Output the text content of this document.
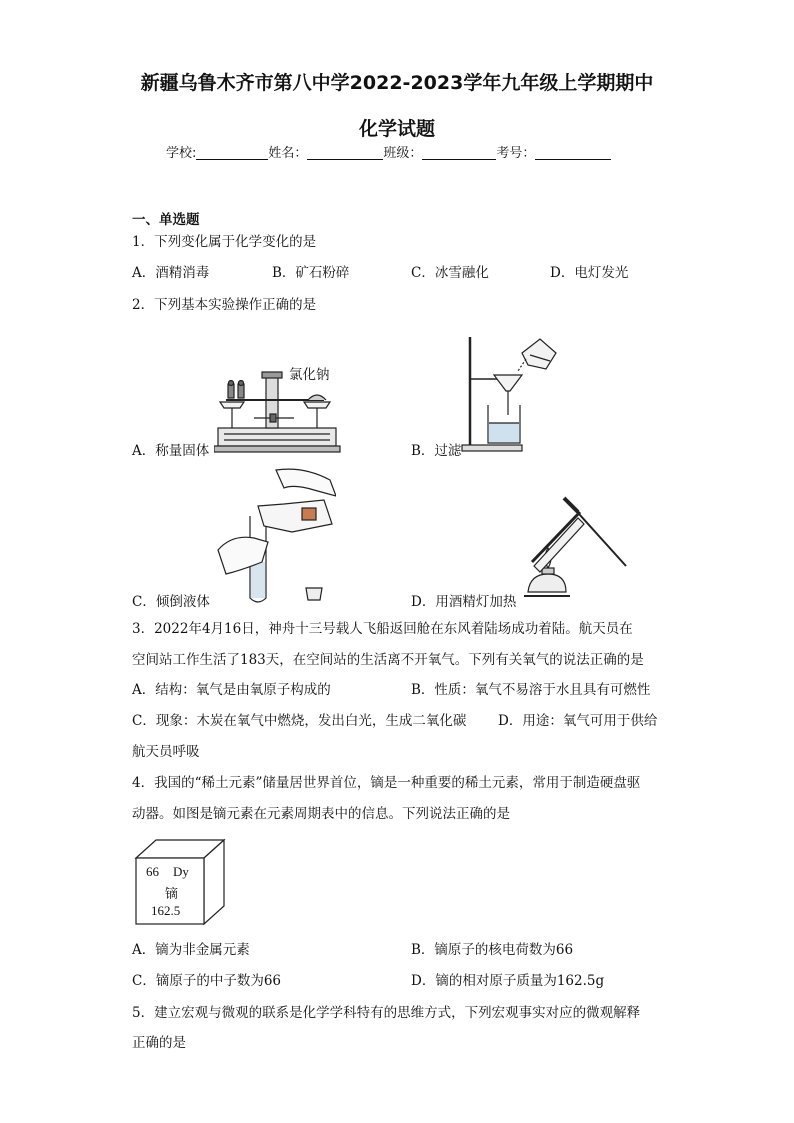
新疆乌鲁木齐市第八中学2022-2023学年九年级上学期期中
化学试题
学校:	姓名：	班级：	考号：
一、单选题
1．下列变化属于化学变化的是
A．酒精消毒	B．矿石粉碎	C．冰雪融化	D．电灯发光
2．下列基本实验操作正确的是
氯化钠
A．称量固体	B．过滤
C．倾倒液体	D．用酒精灯加热
3．2022年4月16日，神舟十三号载人飞船返回舱在东风着陆场成功着陆。航天员在
空间站工作生活了183天，在空间站的生活离不开氧气。下列有关氧气的说法正确的是
A．结构：氧气是由氧原子构成的	B．性质：氧气不易溶于水且具有可燃性
C．现象：木炭在氧气中燃烧，发出白光，生成二氧化碳 D．用途：氧气可用于供给
航天员呼吸
4．我国的“稀土元素”储量居世界首位，镝是一种重要的稀土元素，常用于制造硬盘驱
动器。如图是镝元素在元素周期表中的信息。下列说法正确的是
66 Dy
镝
162.5
A．镝为非金属元素	B．镝原子的核电荷数为66
C．镝原子的中子数为66	D．镝的相对原子质量为162.5g
5．建立宏观与微观的联系是化学学科特有的思维方式，下列宏观事实对应的微观解释
正确的是
